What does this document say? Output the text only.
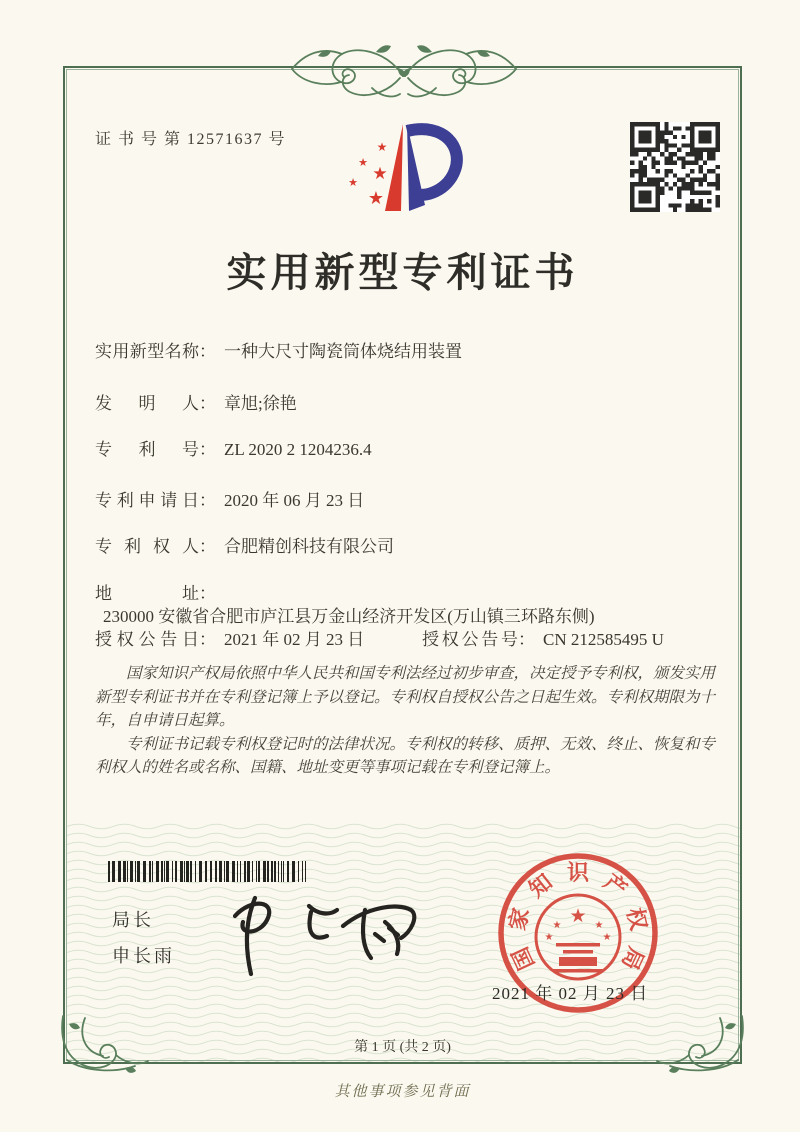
证 书 号 第 12571637 号	★
★
★
★
★
实用新型专利证书
实用新型名称： 一种大尺寸陶瓷筒体烧结用装置
发明人： 章旭;徐艳
专利号： ZL 2020 2 1204236.4
专利申请日： 2020 年 06 月 23 日
专利权人： 合肥精创科技有限公司
地址：230000 安徽省合肥市庐江县万金山经济开发区(万山镇三环路东侧)
授权公告日： 2021 年 02 月 23 日	授权公告号： CN 212585495 U

国家知识产权局依照中华人民共和国专利法经过初步审查，决定授予专利权，颁发实用新型专利证书并在专利登记簿上予以登记。专利权自授权公告之日起生效。专利权期限为十年，自申请日起算。

专利证书记载专利权登记时的法律状况。专利权的转移、质押、无效、终止、恢复和专利权人的姓名或名称、国籍、地址变更等事项记载在专利登记簿上。

局长
申长雨	国
家
知 识 产
权
局
★
★
★
★
★
2021 年 02 月 23 日
第 1 页 (共 2 页)
其他事项参见背面
